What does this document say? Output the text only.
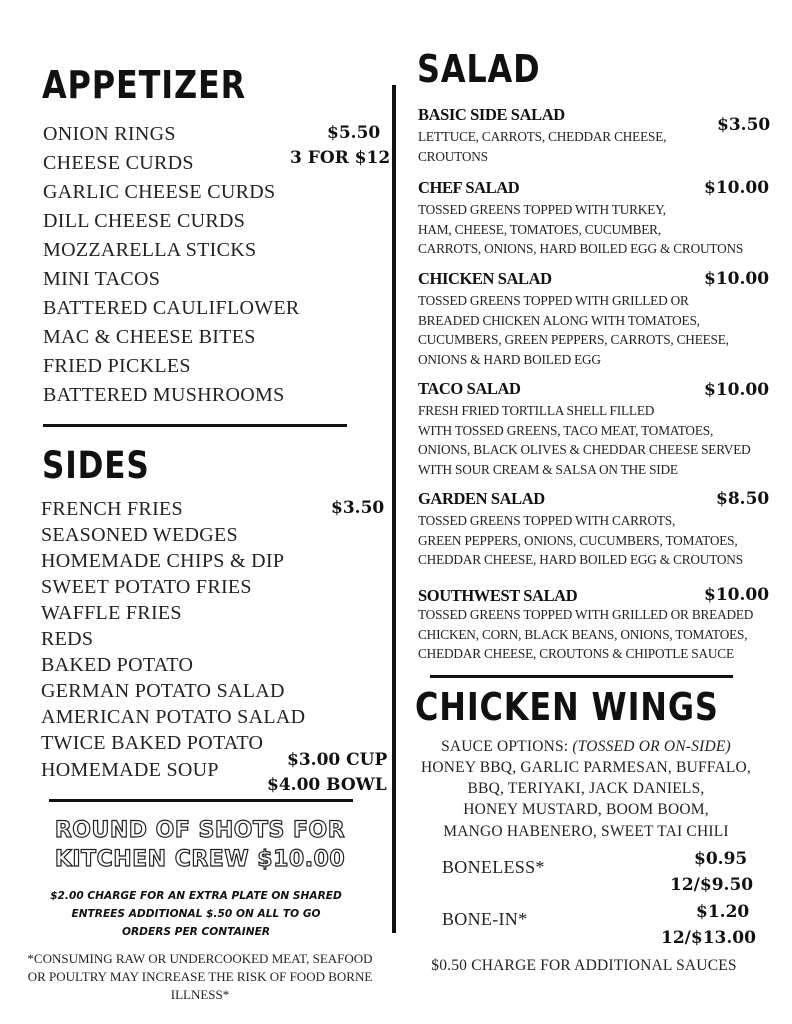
APPETIZER
ONION RINGS
CHEESE CURDS
GARLIC CHEESE CURDS
DILL CHEESE CURDS
MOZZARELLA STICKS
MINI TACOS
BATTERED CAULIFLOWER
MAC & CHEESE BITES
FRIED PICKLES
BATTERED MUSHROOMS
$5.50
3 FOR $12
SIDES
FRENCH FRIES
SEASONED WEDGES
HOMEMADE CHIPS & DIP
SWEET POTATO FRIES
WAFFLE FRIES
REDS
BAKED POTATO
GERMAN POTATO SALAD
AMERICAN POTATO SALAD
TWICE BAKED POTATO
HOMEMADE SOUP
$3.50
$3.00 CUP
$4.00 BOWL
ROUND OF SHOTS FOR
KITCHEN CREW $10.00
$2.00 CHARGE FOR AN EXTRA PLATE ON SHARED
ENTREES ADDITIONAL $.50 ON ALL TO GO
ORDERS PER CONTAINER
*CONSUMING RAW OR UNDERCOOKED MEAT, SEAFOOD
OR POULTRY MAY INCREASE THE RISK OF FOOD BORNE
ILLNESS*
SALAD
BASIC SIDE SALAD
$3.50
LETTUCE, CARROTS, CHEDDAR CHEESE,
CROUTONS
CHEF SALAD	$10.00
TOSSED GREENS TOPPED WITH TURKEY,
HAM, CHEESE, TOMATOES, CUCUMBER,
CARROTS, ONIONS, HARD BOILED EGG & CROUTONS
CHICKEN SALAD	$10.00
TOSSED GREENS TOPPED WITH GRILLED OR
BREADED CHICKEN ALONG WITH TOMATOES,
CUCUMBERS, GREEN PEPPERS, CARROTS, CHEESE,
ONIONS & HARD BOILED EGG
TACO SALAD	$10.00
FRESH FRIED TORTILLA SHELL FILLED
WITH TOSSED GREENS, TACO MEAT, TOMATOES,
ONIONS, BLACK OLIVES & CHEDDAR CHEESE SERVED
WITH SOUR CREAM & SALSA ON THE SIDE
GARDEN SALAD	$8.50
TOSSED GREENS TOPPED WITH CARROTS,
GREEN PEPPERS, ONIONS, CUCUMBERS, TOMATOES,
CHEDDAR CHEESE, HARD BOILED EGG & CROUTONS
SOUTHWEST SALAD	$10.00
TOSSED GREENS TOPPED WITH GRILLED OR BREADED
CHICKEN, CORN, BLACK BEANS, ONIONS, TOMATOES,
CHEDDAR CHEESE, CROUTONS & CHIPOTLE SAUCE
CHICKEN WINGS
SAUCE OPTIONS: (TOSSED OR ON-SIDE)
HONEY BBQ, GARLIC PARMESAN, BUFFALO,
BBQ, TERIYAKI, JACK DANIELS,
HONEY MUSTARD, BOOM BOOM,
MANGO HABENERO, SWEET TAI CHILI
BONELESS*	$0.95
12/$9.50
BONE-IN*	$1.20
12/$13.00
$0.50 CHARGE FOR ADDITIONAL SAUCES
